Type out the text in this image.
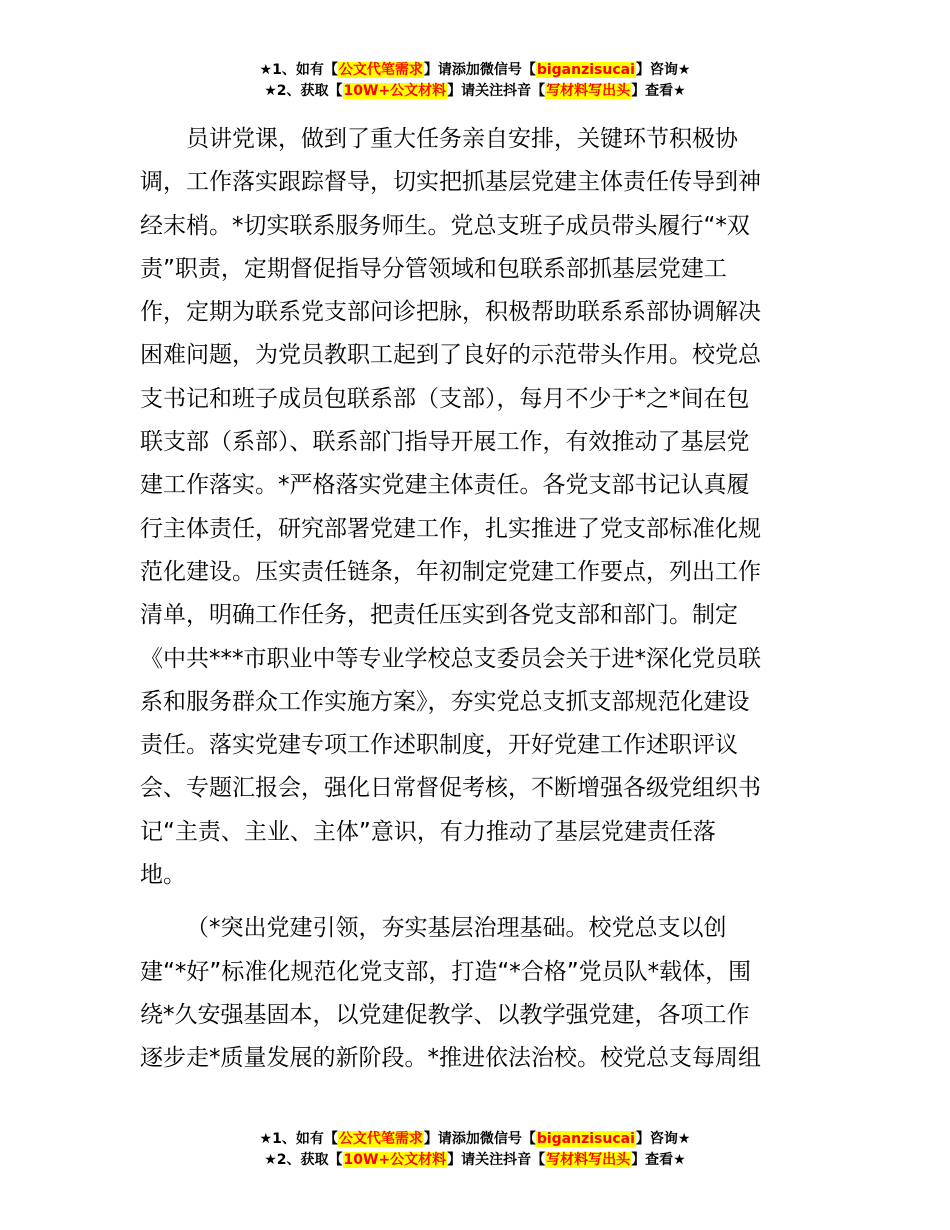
★1、如有【公文代笔需求】请添加微信号【biganzisucai】咨询★
★2、获取【10W+公文材料】请关注抖音【写材料写出头】查看★
员讲党课，做到了重大任务亲自安排，关键环节积极协
调，工作落实跟踪督导，切实把抓基层党建主体责任传导到神
经末梢。*切实联系服务师生。党总支班子成员带头履行“*双
责”职责，定期督促指导分管领域和包联系部抓基层党建工
作，定期为联系党支部问诊把脉，积极帮助联系系部协调解决
困难问题，为党员教职工起到了良好的示范带头作用。校党总
支书记和班子成员包联系部（支部），每月不少于*之*间在包
联支部（系部）、联系部门指导开展工作，有效推动了基层党
建工作落实。*严格落实党建主体责任。各党支部书记认真履
行主体责任，研究部署党建工作，扎实推进了党支部标准化规
范化建设。压实责任链条，年初制定党建工作要点，列出工作
清单，明确工作任务，把责任压实到各党支部和部门。制定
《中共***市职业中等专业学校总支委员会关于进*深化党员联
系和服务群众工作实施方案》，夯实党总支抓支部规范化建设
责任。落实党建专项工作述职制度，开好党建工作述职评议
会、专题汇报会，强化日常督促考核，不断增强各级党组织书
记“主责、主业、主体”意识，有力推动了基层党建责任落
地。
（*突出党建引领，夯实基层治理基础。校党总支以创
建“*好”标准化规范化党支部，打造“*合格”党员队*载体，围
绕*久安强基固本，以党建促教学、以教学强党建，各项工作
逐步走*质量发展的新阶段。*推进依法治校。校党总支每周组
★1、如有【公文代笔需求】请添加微信号【biganzisucai】咨询★
★2、获取【10W+公文材料】请关注抖音【写材料写出头】查看★
